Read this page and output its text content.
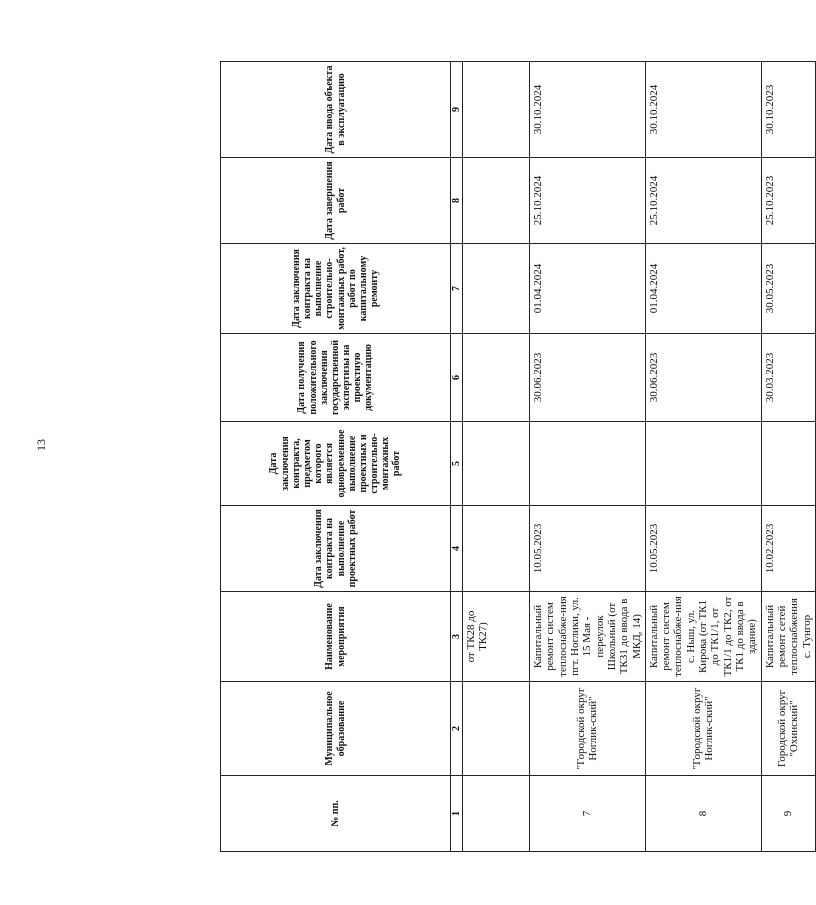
13
№ пп.	Муниципальное образование	Наименование мероприятия	Дата заключения контракта на выполнение проектных работ	Дата заключения контракта, предметом которого является одновременное выполнение проектных и строительно-монтажных работ	Дата получения положительного заключения государственной экспертизы на проектную документацию	Дата заключения контракта на выполнение строительно-монтажных работ, работ по капитальному ремонту	Дата завершения работ	Дата ввода объекта в эксплуатацию
1	2	3	4	5	6	7	8	9
		от ТК28 до ТК27)						
7	"Городской округ Ноглик-ский"	Капитальный ремонт систем теплоснабже-ния пгт. Ноглики, ул. 15 Мая - переулок Школьный (от ТК31 до ввода в МКД, 14)	10.05.2023		30.06.2023	01.04.2024	25.10.2024	30.10.2024
8	"Городской округ Ноглик-ский"	Капитальный ремонт систем теплоснабже-ния с. Ныш, ул. Кирова (от ТК1 до ТК1/1, от ТК1/1 до ТК2, от ТК1 до ввода в здание)	10.05.2023		30.06.2023	01.04.2024	25.10.2024	30.10.2024
9	Городской округ "Охинский"	Капитальный ремонт сетей теплоснабжения с. Тунгор	10.02.2023		30.03.2023	30.05.2023	25.10.2023	30.10.2023
